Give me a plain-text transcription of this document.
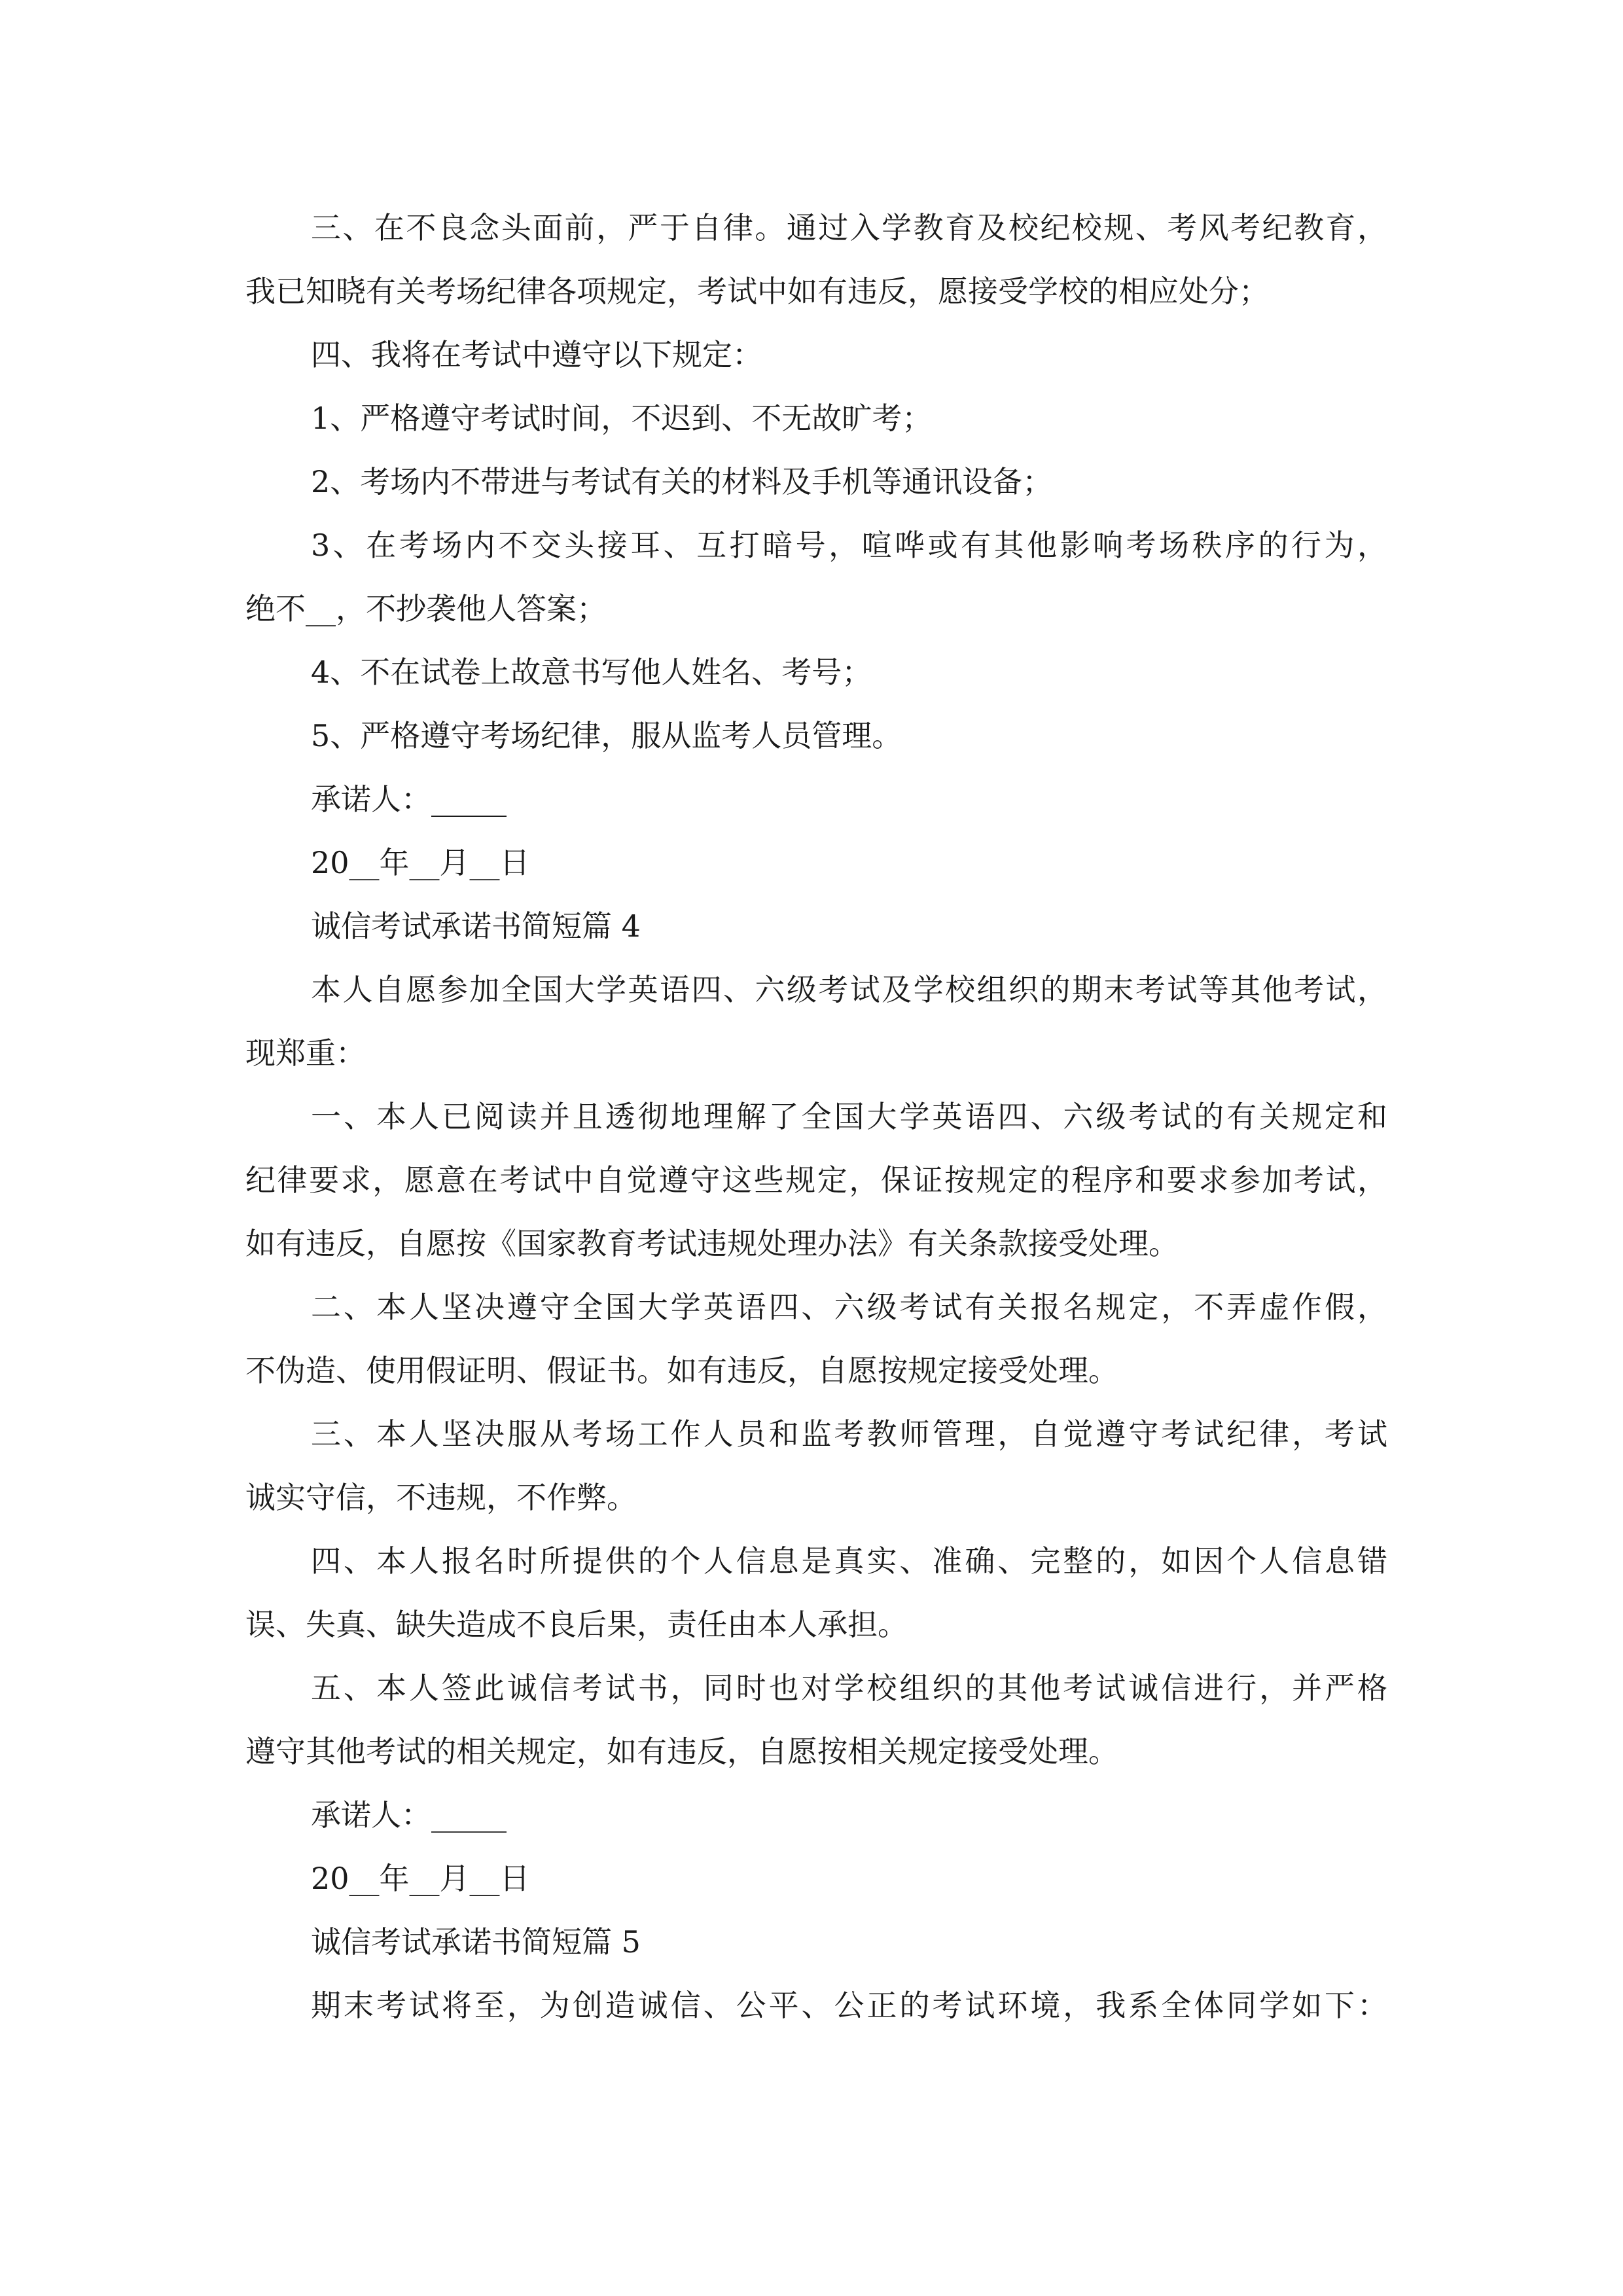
三、在不良念头面前，严于自律。通过入学教育及校纪校规、考风考纪教育，
我已知晓有关考场纪律各项规定，考试中如有违反，愿接受学校的相应处分；
四、我将在考试中遵守以下规定：
1、严格遵守考试时间，不迟到、不无故旷考；
2、考场内不带进与考试有关的材料及手机等通讯设备；
3、在考场内不交头接耳、互打暗号，喧哗或有其他影响考场秩序的行为，
绝不__，不抄袭他人答案；
4、不在试卷上故意书写他人姓名、考号；
5、严格遵守考场纪律，服从监考人员管理。
承诺人：_____
20__年__月__日
诚信考试承诺书简短篇 4
本人自愿参加全国大学英语四、六级考试及学校组织的期末考试等其他考试，
现郑重：
一、本人已阅读并且透彻地理解了全国大学英语四、六级考试的有关规定和
纪律要求，愿意在考试中自觉遵守这些规定，保证按规定的程序和要求参加考试，
如有违反，自愿按《国家教育考试违规处理办法》有关条款接受处理。
二、本人坚决遵守全国大学英语四、六级考试有关报名规定，不弄虚作假，
不伪造、使用假证明、假证书。如有违反，自愿按规定接受处理。
三、本人坚决服从考场工作人员和监考教师管理，自觉遵守考试纪律，考试
诚实守信，不违规，不作弊。
四、本人报名时所提供的个人信息是真实、准确、完整的，如因个人信息错
误、失真、缺失造成不良后果，责任由本人承担。
五、本人签此诚信考试书，同时也对学校组织的其他考试诚信进行，并严格
遵守其他考试的相关规定，如有违反，自愿按相关规定接受处理。
承诺人：_____
20__年__月__日
诚信考试承诺书简短篇 5
期末考试将至，为创造诚信、公平、公正的考试环境，我系全体同学如下：
